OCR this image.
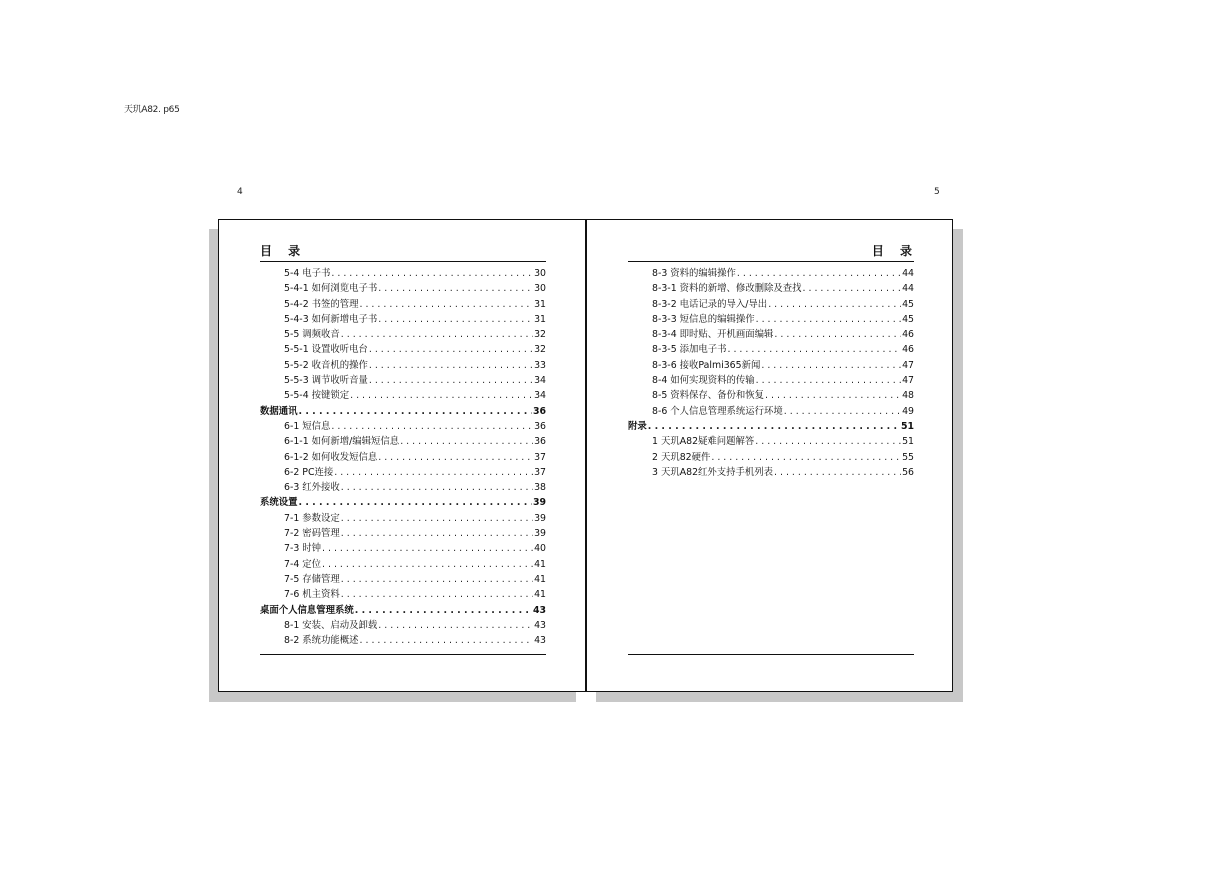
天玑A82. p65
4	5
目 录
5-4 电子书 . . .	30
5-4-1 如何浏览电子书 . . .	30
5-4-2 书签的管理 . . .	31
5-4-3 如何新增电子书 . . .	31
5-5 调频收音 . . .	32
5-5-1 设置收听电台 . . .	32
5-5-2 收音机的操作 . . .	33
5-5-3 调节收听音量 . . .	34
5-5-4 按键锁定 . . .	34
数据通讯 . . .	36
6-1 短信息 . . .	36
6-1-1 如何新增/编辑短信息 . . .	36
6-1-2 如何收发短信息 . . .	37
6-2 PC连接 . . .	37
6-3 红外接收 . . .	38
系统设置 . . .	39
7-1 参数设定 . . .	39
7-2 密码管理 . . .	39
7-3 时钟 . . .	40
7-4 定位 . . .	41
7-5 存储管理 . . .	41
7-6 机主资料 . . .	41
桌面个人信息管理系统 . . .	43
8-1 安装、启动及卸载 . . .	43
8-2 系统功能概述 . . .	43
目 录
8-3 资料的编辑操作 . . .	44
8-3-1 资料的新增、修改删除及查找 . . .	44
8-3-2 电话记录的导入/导出 . . .	45
8-3-3 短信息的编辑操作 . . .	45
8-3-4 即时贴、开机画面编辑 . . .	46
8-3-5 添加电子书 . . .	46
8-3-6 接收Palmi365新闻 . . .	47
8-4 如何实现资料的传输 . . .	47
8-5 资料保存、备份和恢复 . . .	48
8-6 个人信息管理系统运行环境 . . .	49
附录 . . .	51
1 天玑A82疑难问题解答 . . .	51
2 天玑82硬件 . . .	55
3 天玑A82红外支持手机列表 . . .	56
